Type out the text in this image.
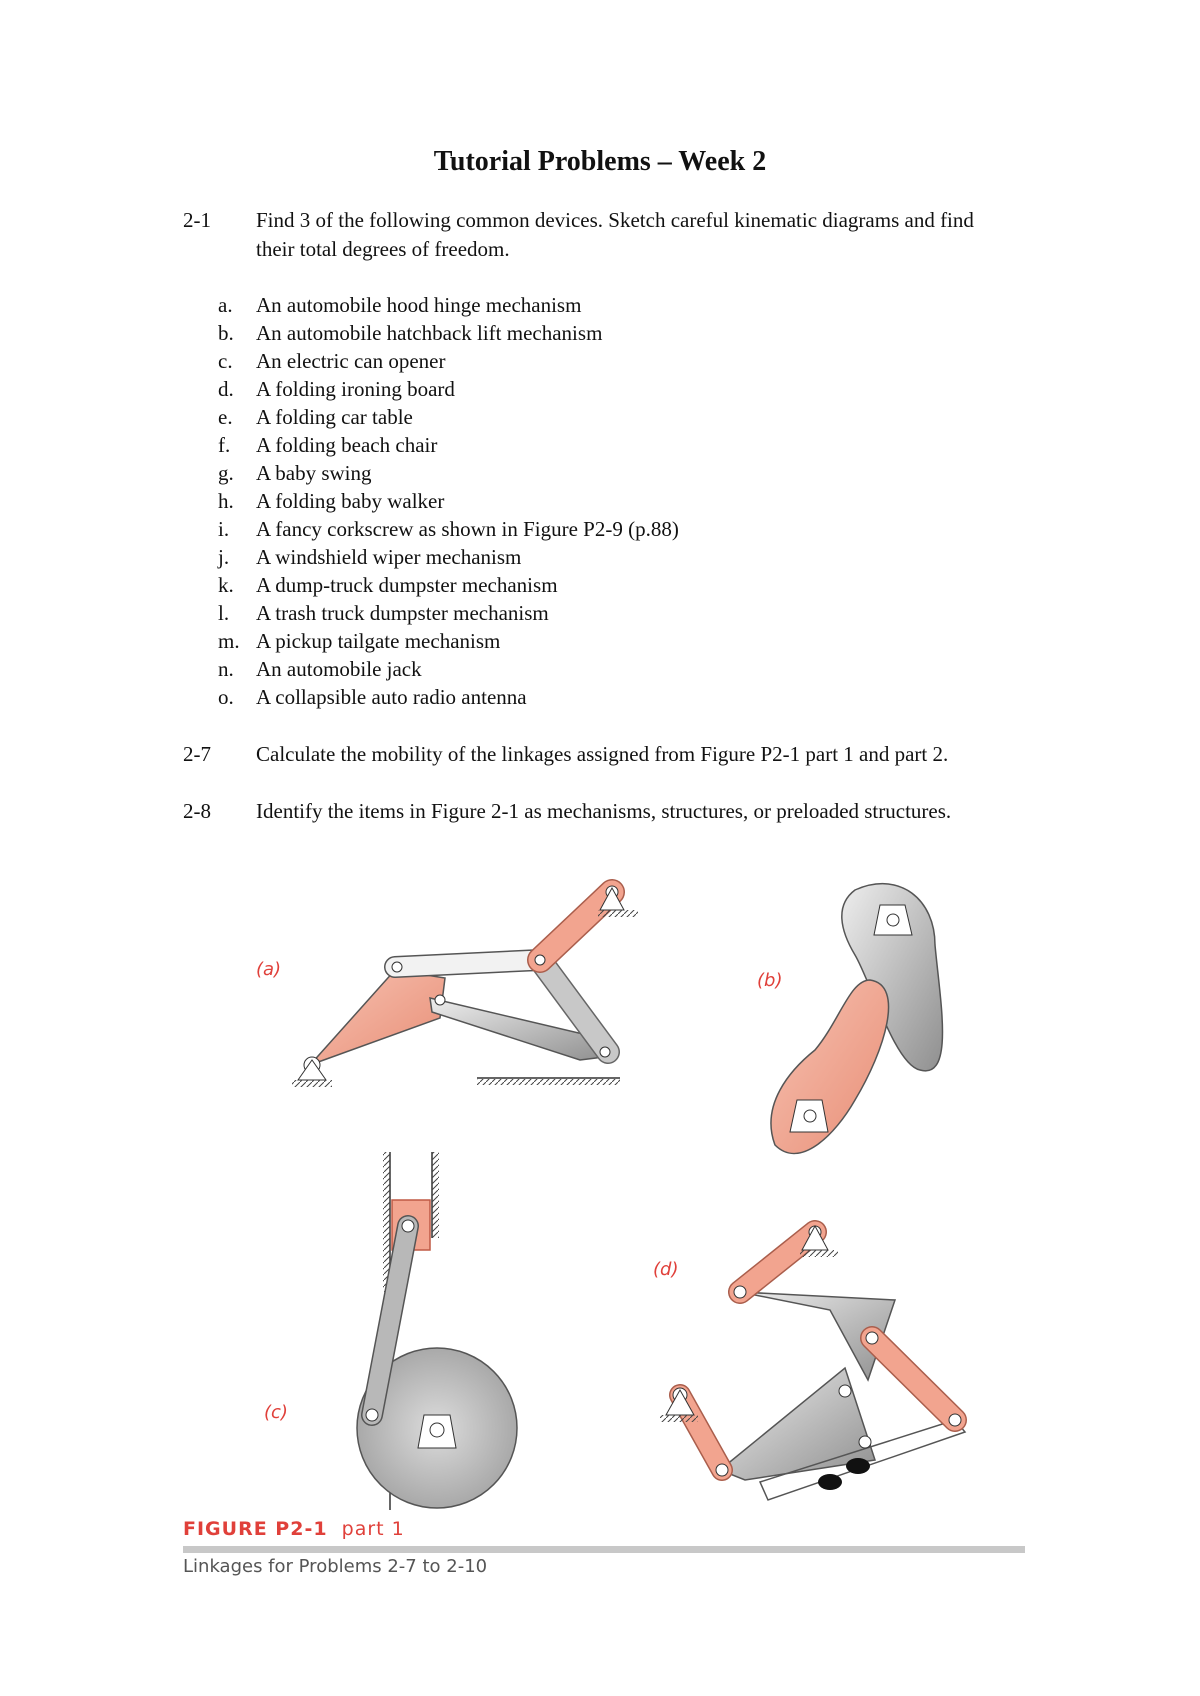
Tutorial Problems – Week 2
2-1 Find 3 of the following common devices. Sketch careful kinematic diagrams and find their total degrees of freedom.
a.	An automobile hood hinge mechanism
b.	An automobile hatchback lift mechanism
c.	An electric can opener
d.	A folding ironing board
e.	A folding car table
f.	A folding beach chair
g.	A baby swing
h.	A folding baby walker
i.	A fancy corkscrew as shown in Figure P2-9 (p.88)
j.	A windshield wiper mechanism
k.	A dump-truck dumpster mechanism
l.	A trash truck dumpster mechanism
m. A pickup tailgate mechanism
n.	An automobile jack
o.	A collapsible auto radio antenna
2-7 Calculate the mobility of the linkages assigned from Figure P2-1 part 1 and part 2.
2-8 Identify the items in Figure 2-1 as mechanisms, structures, or preloaded structures.
(a)
(b)
(c)
(d)
FIGURE P2-1 part 1
Linkages for Problems 2-7 to 2-10
